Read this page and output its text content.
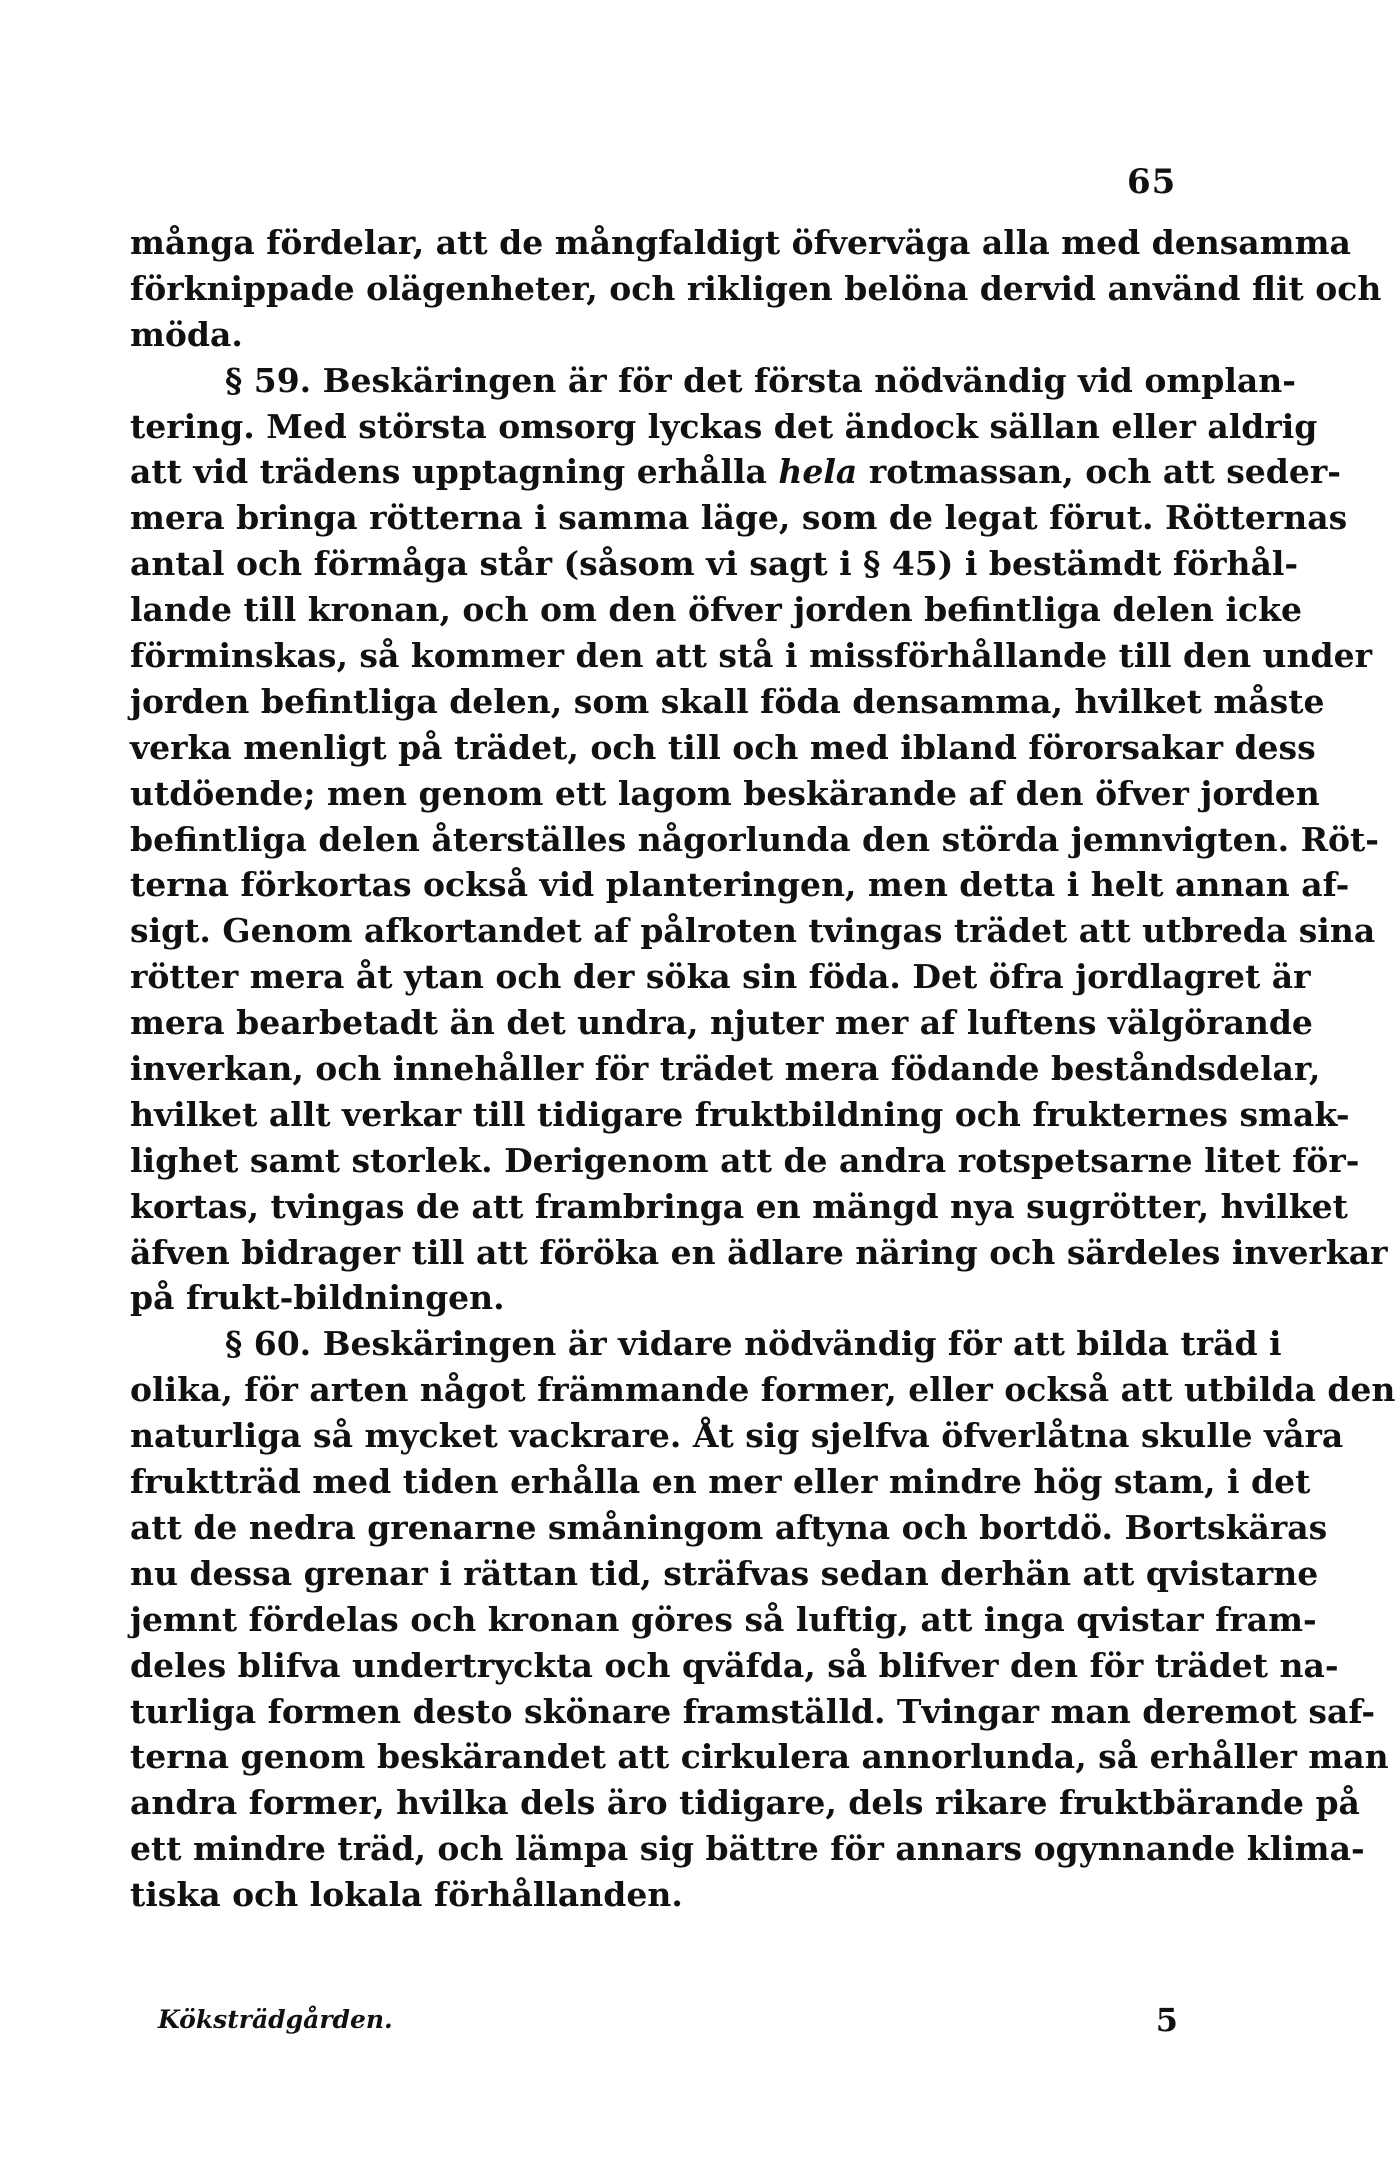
65
många fördelar, att de mångfaldigt öfverväga alla med densamma
förknippade olägenheter, och rikligen belöna dervid använd flit och
möda.
§ 59. Beskäringen är för det första nödvändig vid omplan-
tering. Med största omsorg lyckas det ändock sällan eller aldrig
att vid trädens upptagning erhålla hela rotmassan, och att seder-
mera bringa rötterna i samma läge, som de legat förut. Rötternas
antal och förmåga står (såsom vi sagt i § 45) i bestämdt förhål-
lande till kronan, och om den öfver jorden befintliga delen icke
förminskas, så kommer den att stå i missförhållande till den under
jorden befintliga delen, som skall föda densamma, hvilket måste
verka menligt på trädet, och till och med ibland förorsakar dess
utdöende; men genom ett lagom beskärande af den öfver jorden
befintliga delen återställes någorlunda den störda jemnvigten. Röt-
terna förkortas också vid planteringen, men detta i helt annan af-
sigt. Genom afkortandet af pålroten tvingas trädet att utbreda sina
rötter mera åt ytan och der söka sin föda. Det öfra jordlagret är
mera bearbetadt än det undra, njuter mer af luftens välgörande
inverkan, och innehåller för trädet mera födande beståndsdelar,
hvilket allt verkar till tidigare fruktbildning och frukternes smak-
lighet samt storlek. Derigenom att de andra rotspetsarne litet för-
kortas, tvingas de att frambringa en mängd nya sugrötter, hvilket
äfven bidrager till att föröka en ädlare näring och särdeles inverkar
på frukt-bildningen.
§ 60. Beskäringen är vidare nödvändig för att bilda träd i
olika, för arten något främmande former, eller också att utbilda den
naturliga så mycket vackrare. Åt sig sjelfva öfverlåtna skulle våra
fruktträd med tiden erhålla en mer eller mindre hög stam, i det
att de nedra grenarne småningom aftyna och bortdö. Bortskäras
nu dessa grenar i rättan tid, sträfvas sedan derhän att qvistarne
jemnt fördelas och kronan göres så luftig, att inga qvistar fram-
deles blifva undertryckta och qväfda, så blifver den för trädet na-
turliga formen desto skönare framställd. Tvingar man deremot saf-
terna genom beskärandet att cirkulera annorlunda, så erhåller man
andra former, hvilka dels äro tidigare, dels rikare fruktbärande på
ett mindre träd, och lämpa sig bättre för annars ogynnande klima-
tiska och lokala förhållanden.
Köksträdgården.	5
